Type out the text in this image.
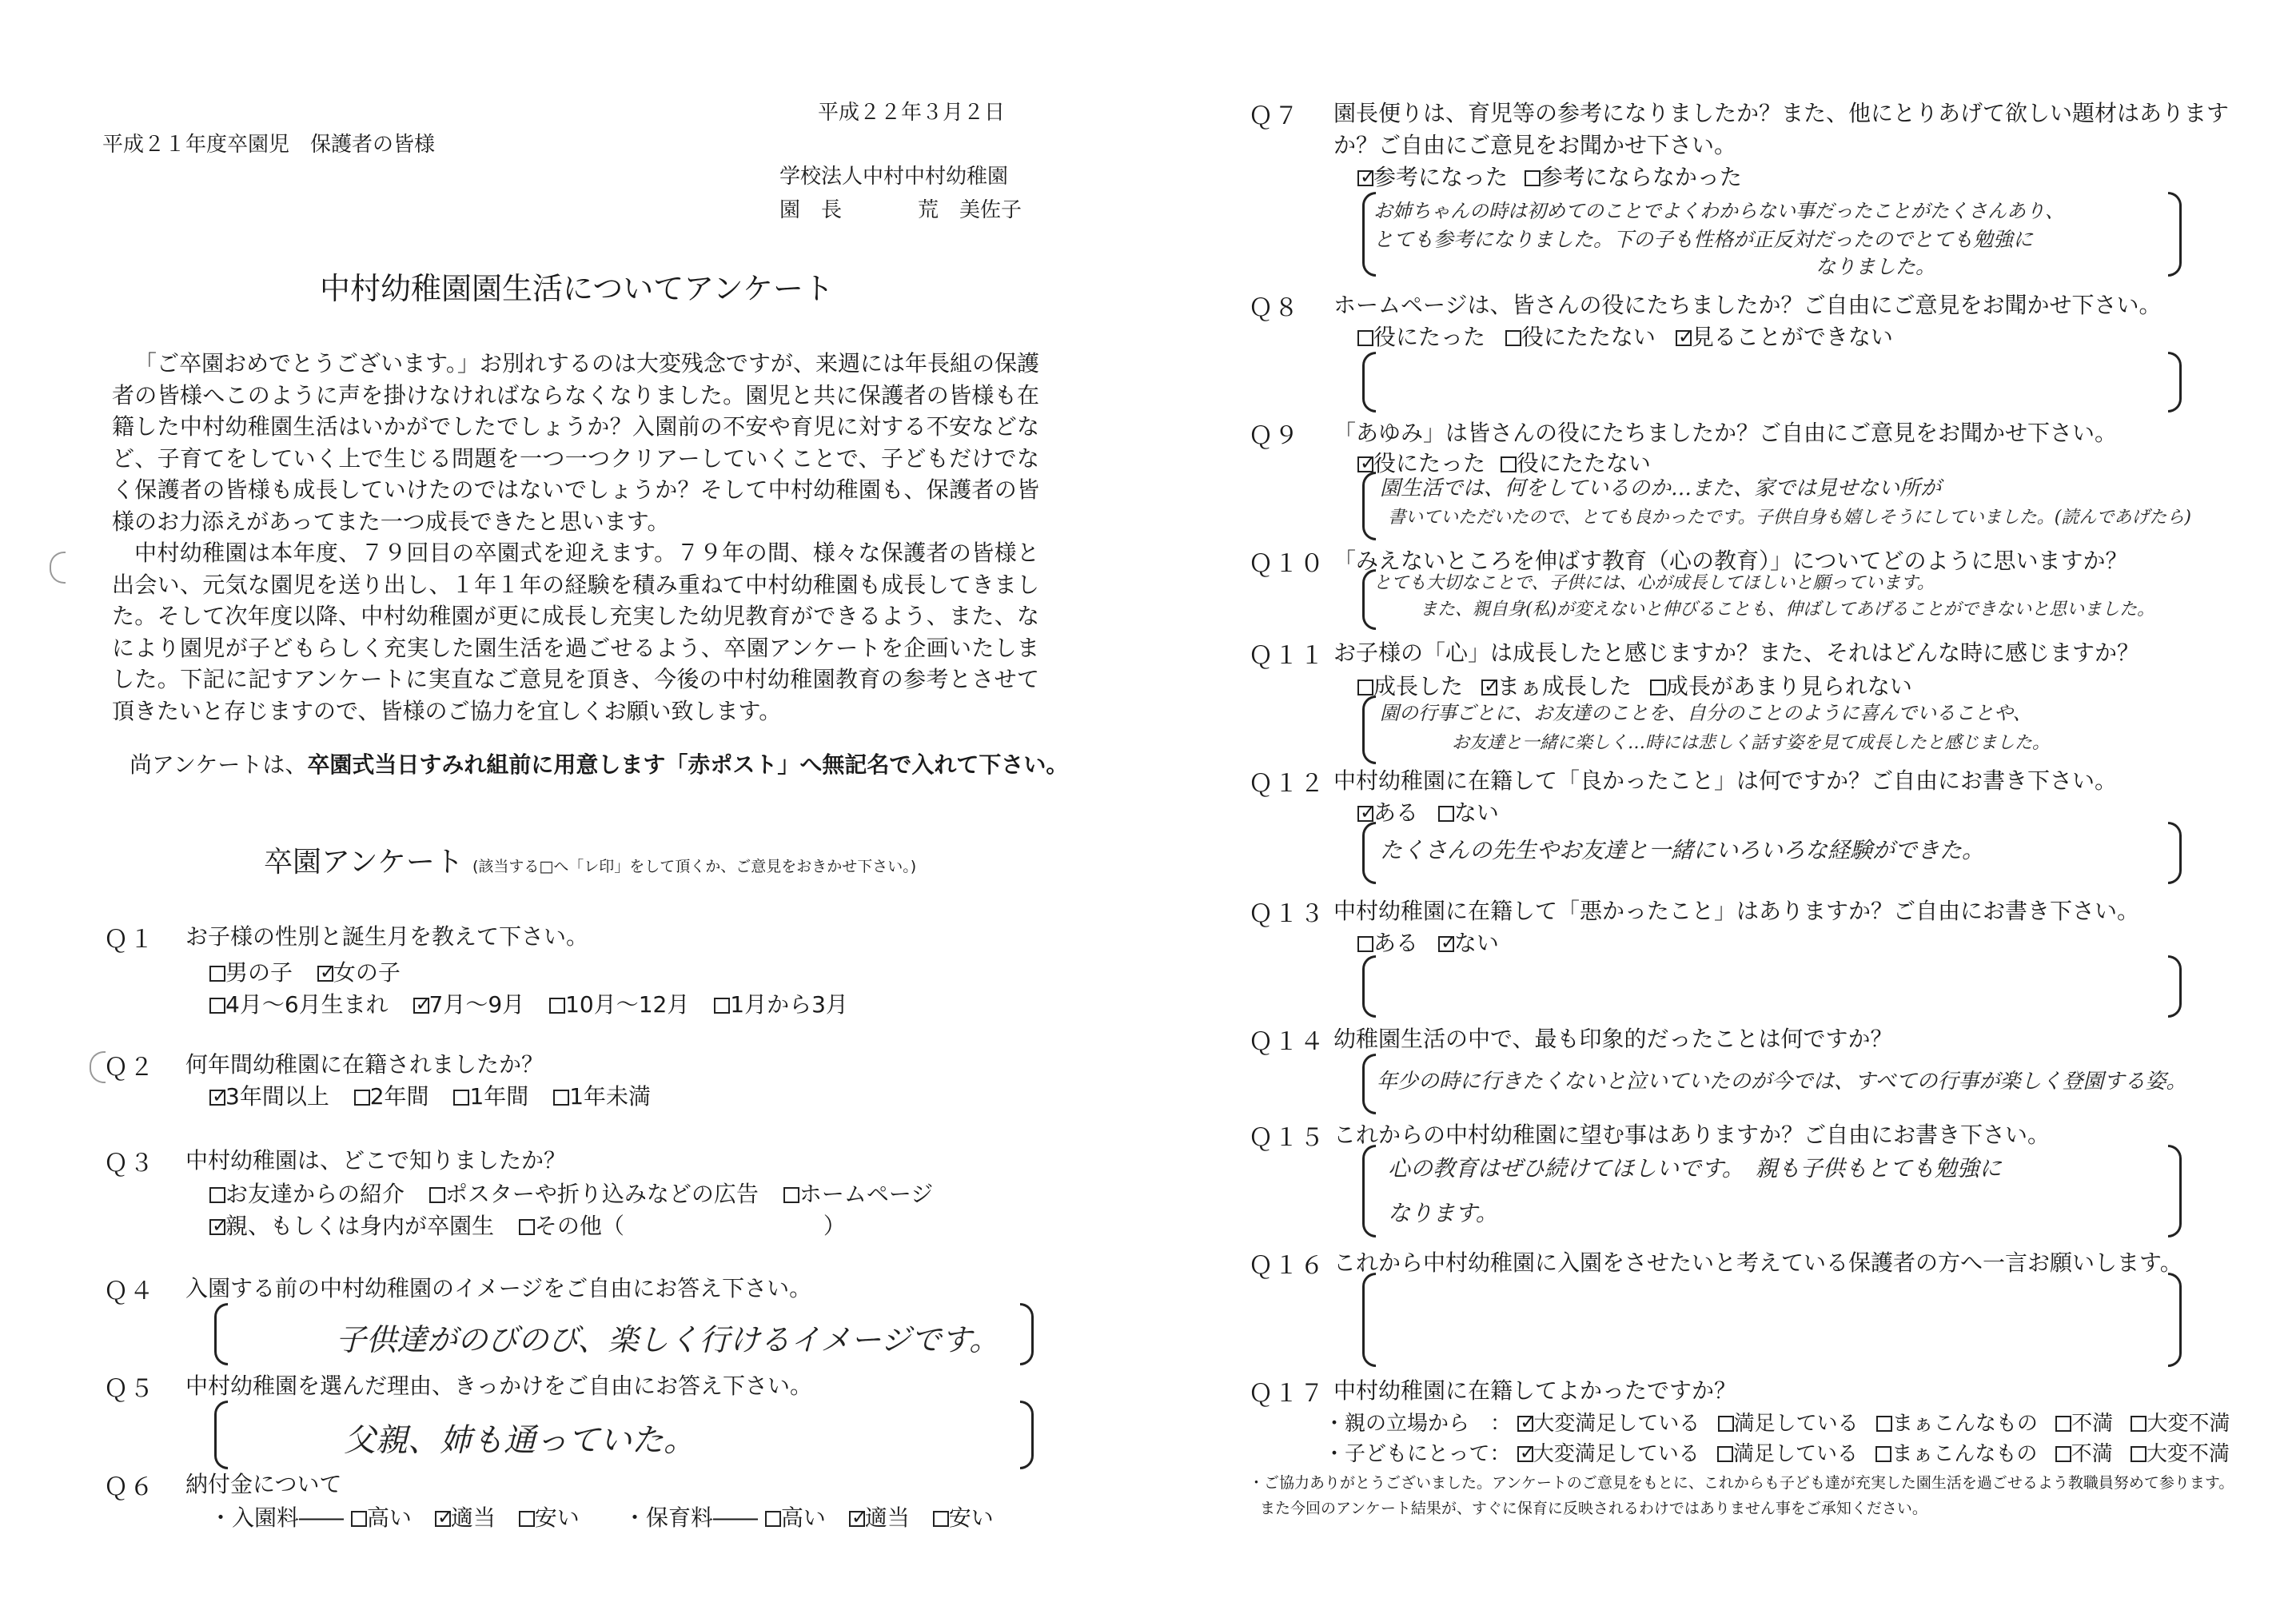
平成２２年３月２日
平成２１年度卒園児　保護者の皆様
学校法人中村中村幼稚園
園　長	荒　美佐子
中村幼稚園園生活についてアンケート

「ご卒園おめでとうございます。」お別れするのは大変残念ですが、来週には年長組の保護者の皆様へこのように声を掛けなければならなくなりました。園児と共に保護者の皆様も在籍した中村幼稚園生活はいかがでしたでしょうか？入園前の不安や育児に対する不安などなど、子育てをしていく上で生じる問題を一つ一つクリアーしていくことで、子どもだけでなく保護者の皆様も成長していけたのではないでしょうか？そして中村幼稚園も、保護者の皆様のお力添えがあってまた一つ成長できたと思います。

中村幼稚園は本年度、７９回目の卒園式を迎えます。７９年の間、様々な保護者の皆様と出会い、元気な園児を送り出し、１年１年の経験を積み重ねて中村幼稚園も成長してきました。そして次年度以降、中村幼稚園が更に成長し充実した幼児教育ができるよう、また、なにより園児が子どもらしく充実した園生活を過ごせるよう、卒園アンケートを企画いたしました。下記に記すアンケートに実直なご意見を頂き、今後の中村幼稚園教育の参考とさせて頂きたいと存じますので、皆様のご協力を宜しくお願い致します。

尚アンケートは、卒園式当日すみれ組前に用意します「赤ポスト」へ無記名で入れて下さい。
卒園アンケート (該当する□へ「レ印」をして頂くか、ご意見をおきかせ下さい。)
Ｑ１ お子様の性別と誕生月を教えて下さい。
男の子 ✓ 女の子
4月～6月生まれ ✓ 7月～9月 10月～12月 1月から3月
Ｑ２ 何年間幼稚園に在籍されましたか？
✓3年間以上 2年間 1年間 1年未満
Ｑ３ 中村幼稚園は、どこで知りましたか？
お友達からの紹介 ポスターや折り込みなどの広告 ホームページ
✓親、もしくは身内が卒園生 その他（	）
Ｑ４ 入園する前の中村幼稚園のイメージをご自由にお答え下さい。
子供達がのびのび、楽しく行けるイメージです。
Ｑ５ 中村幼稚園を選んだ理由、きっかけをご自由にお答え下さい。
父親、姉も通っていた。
Ｑ６ 納付金について
・入園料―― 高い ✓ 適当 安い ・保育料―― 高い ✓ 適当 安い
Ｑ７ 園長便りは、育児等の参考になりましたか？また、他にとりあげて欲しい題材はあります
か？ご自由にご意見をお聞かせ下さい。
✓参考になった 参考にならなかった
お姉ちゃんの時は初めてのことでよくわからない事だったことがたくさんあり、
とても参考になりました。下の子も性格が正反対だったのでとても勉強に
なりました。
Ｑ８ ホームページは、皆さんの役にたちましたか？ご自由にご意見をお聞かせ下さい。
役にたった 役にたたない ✓ 見ることができない
Ｑ９ 「あゆみ」は皆さんの役にたちましたか？ご自由にご意見をお聞かせ下さい。
✓役にたった 役にたたない
園生活では、何をしているのか…また、家では見せない所が
書いていただいたので、とても良かったです。子供自身も嬉しそうにしていました。(読んであげたら)
Ｑ１０ 「みえないところを伸ばす教育（心の教育）」についてどのように思いますか？
とても大切なことで、子供には、心が成長してほしいと願っています。
また、親自身(私)が変えないと伸びることも、伸ばしてあげることができないと思いました。
Ｑ１１ お子様の「心」は成長したと感じますか？また、それはどんな時に感じますか？
成長した ✓ まぁ成長した 成長があまり見られない
園の行事ごとに、お友達のことを、自分のことのように喜んでいることや、
お友達と一緒に楽しく…時には悲しく話す姿を見て成長したと感じました。
Ｑ１２ 中村幼稚園に在籍して「良かったこと」は何ですか？ご自由にお書き下さい。
✓ある ない
たくさんの先生やお友達と一緒にいろいろな経験ができた。
Ｑ１３ 中村幼稚園に在籍して「悪かったこと」はありますか？ご自由にお書き下さい。
ある ✓ ない
Ｑ１４ 幼稚園生活の中で、最も印象的だったことは何ですか？
年少の時に行きたくないと泣いていたのが今では、すべての行事が楽しく登園する姿。
Ｑ１５ これからの中村幼稚園に望む事はありますか？ご自由にお書き下さい。
心の教育はぜひ続けてほしいです。　親も子供もとても勉強に
なります。
Ｑ１６ これから中村幼稚園に入園をさせたいと考えている保護者の方へ一言お願いします。
Ｑ１７ 中村幼稚園に在籍してよかったですか？
・親の立場から　： ✓ 大変満足している 満足している まぁこんなもの 不満 大変不満
・子どもにとって： ✓ 大変満足している 満足している まぁこんなもの 不満 大変不満
・ご協力ありがとうございました。アンケートのご意見をもとに、これからも子ども達が充実した園生活を過ごせるよう教職員努めて参ります。
また今回のアンケート結果が、すぐに保育に反映されるわけではありません事をご承知ください。
